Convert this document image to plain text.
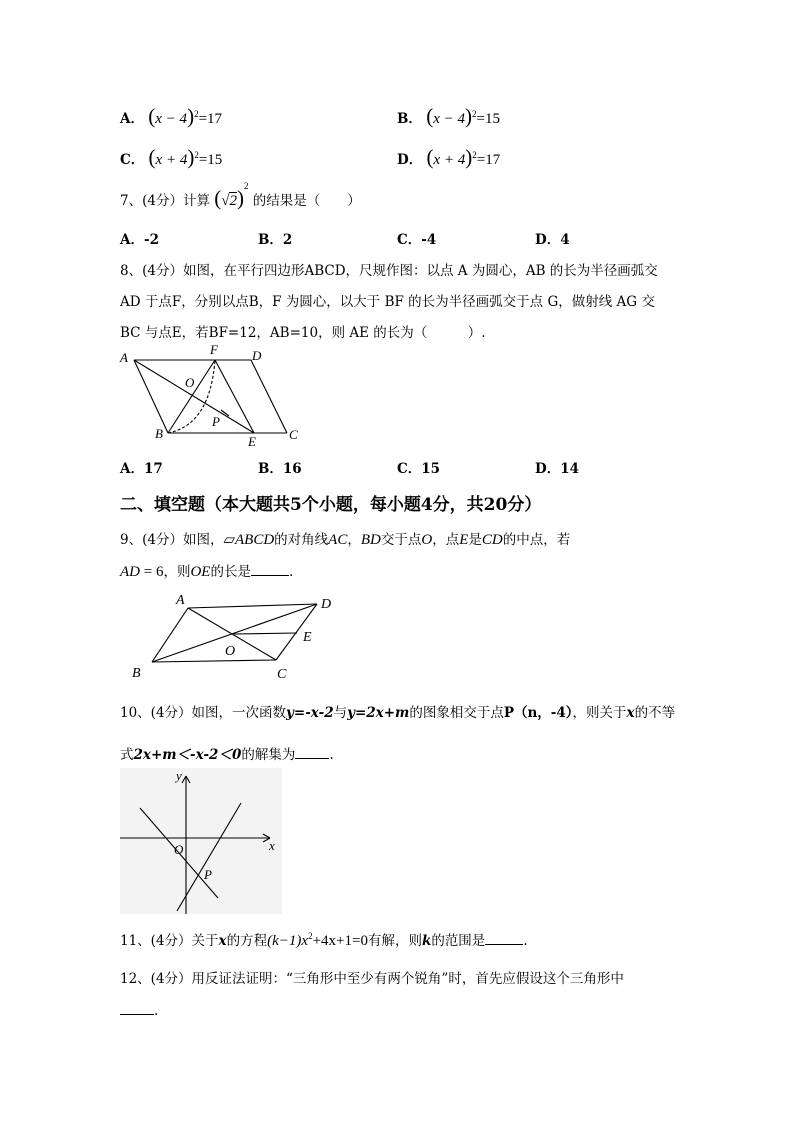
A． $(x - 4)^2=17$	B． $(x - 4)^2=15$
C． $(x + 4)^2=15$	D． $(x + 4)^2=17$
7、(4分）计算 $(√2)^2$ 的结果是（　　）
A．-2	B．2	C．-4	D．4
8、(4分）如图，在平行四边形ABCD，尺规作图：以点 A 为圆心，AB 的长为半径画弧交
AD 于点F，分别以点B，F 为圆心，以大于 BF 的长为半径画弧交于点 G，做射线 AG 交
BC 与点E，若BF=12，AB=10，则 AE 的长为（　　　）.
A
F	D
O
P
B
E	C
A．17	B．16	C．15	D．14
二、填空题（本大题共5个小题，每小题4分，共20分）
9、(4分）如图，▱ABCD的对角线AC，BD交于点O，点E是CD的中点，若
AD = 6，则OE的长是	.
A	D
E
O
B	C
10、(4分）如图，一次函数y=-x-2与y=2x+m的图象相交于点P（n，-4），则关于x的不等
式2x+m＜-x-2＜0的解集为	.
y
x
O
P
11、(4分）关于x的方程$(k-1)x^2+4x+1=0$有解，则k的范围是	.
12、(4分）用反证法证明：“三角形中至少有两个锐角”时，首先应假设这个三角形中
.
